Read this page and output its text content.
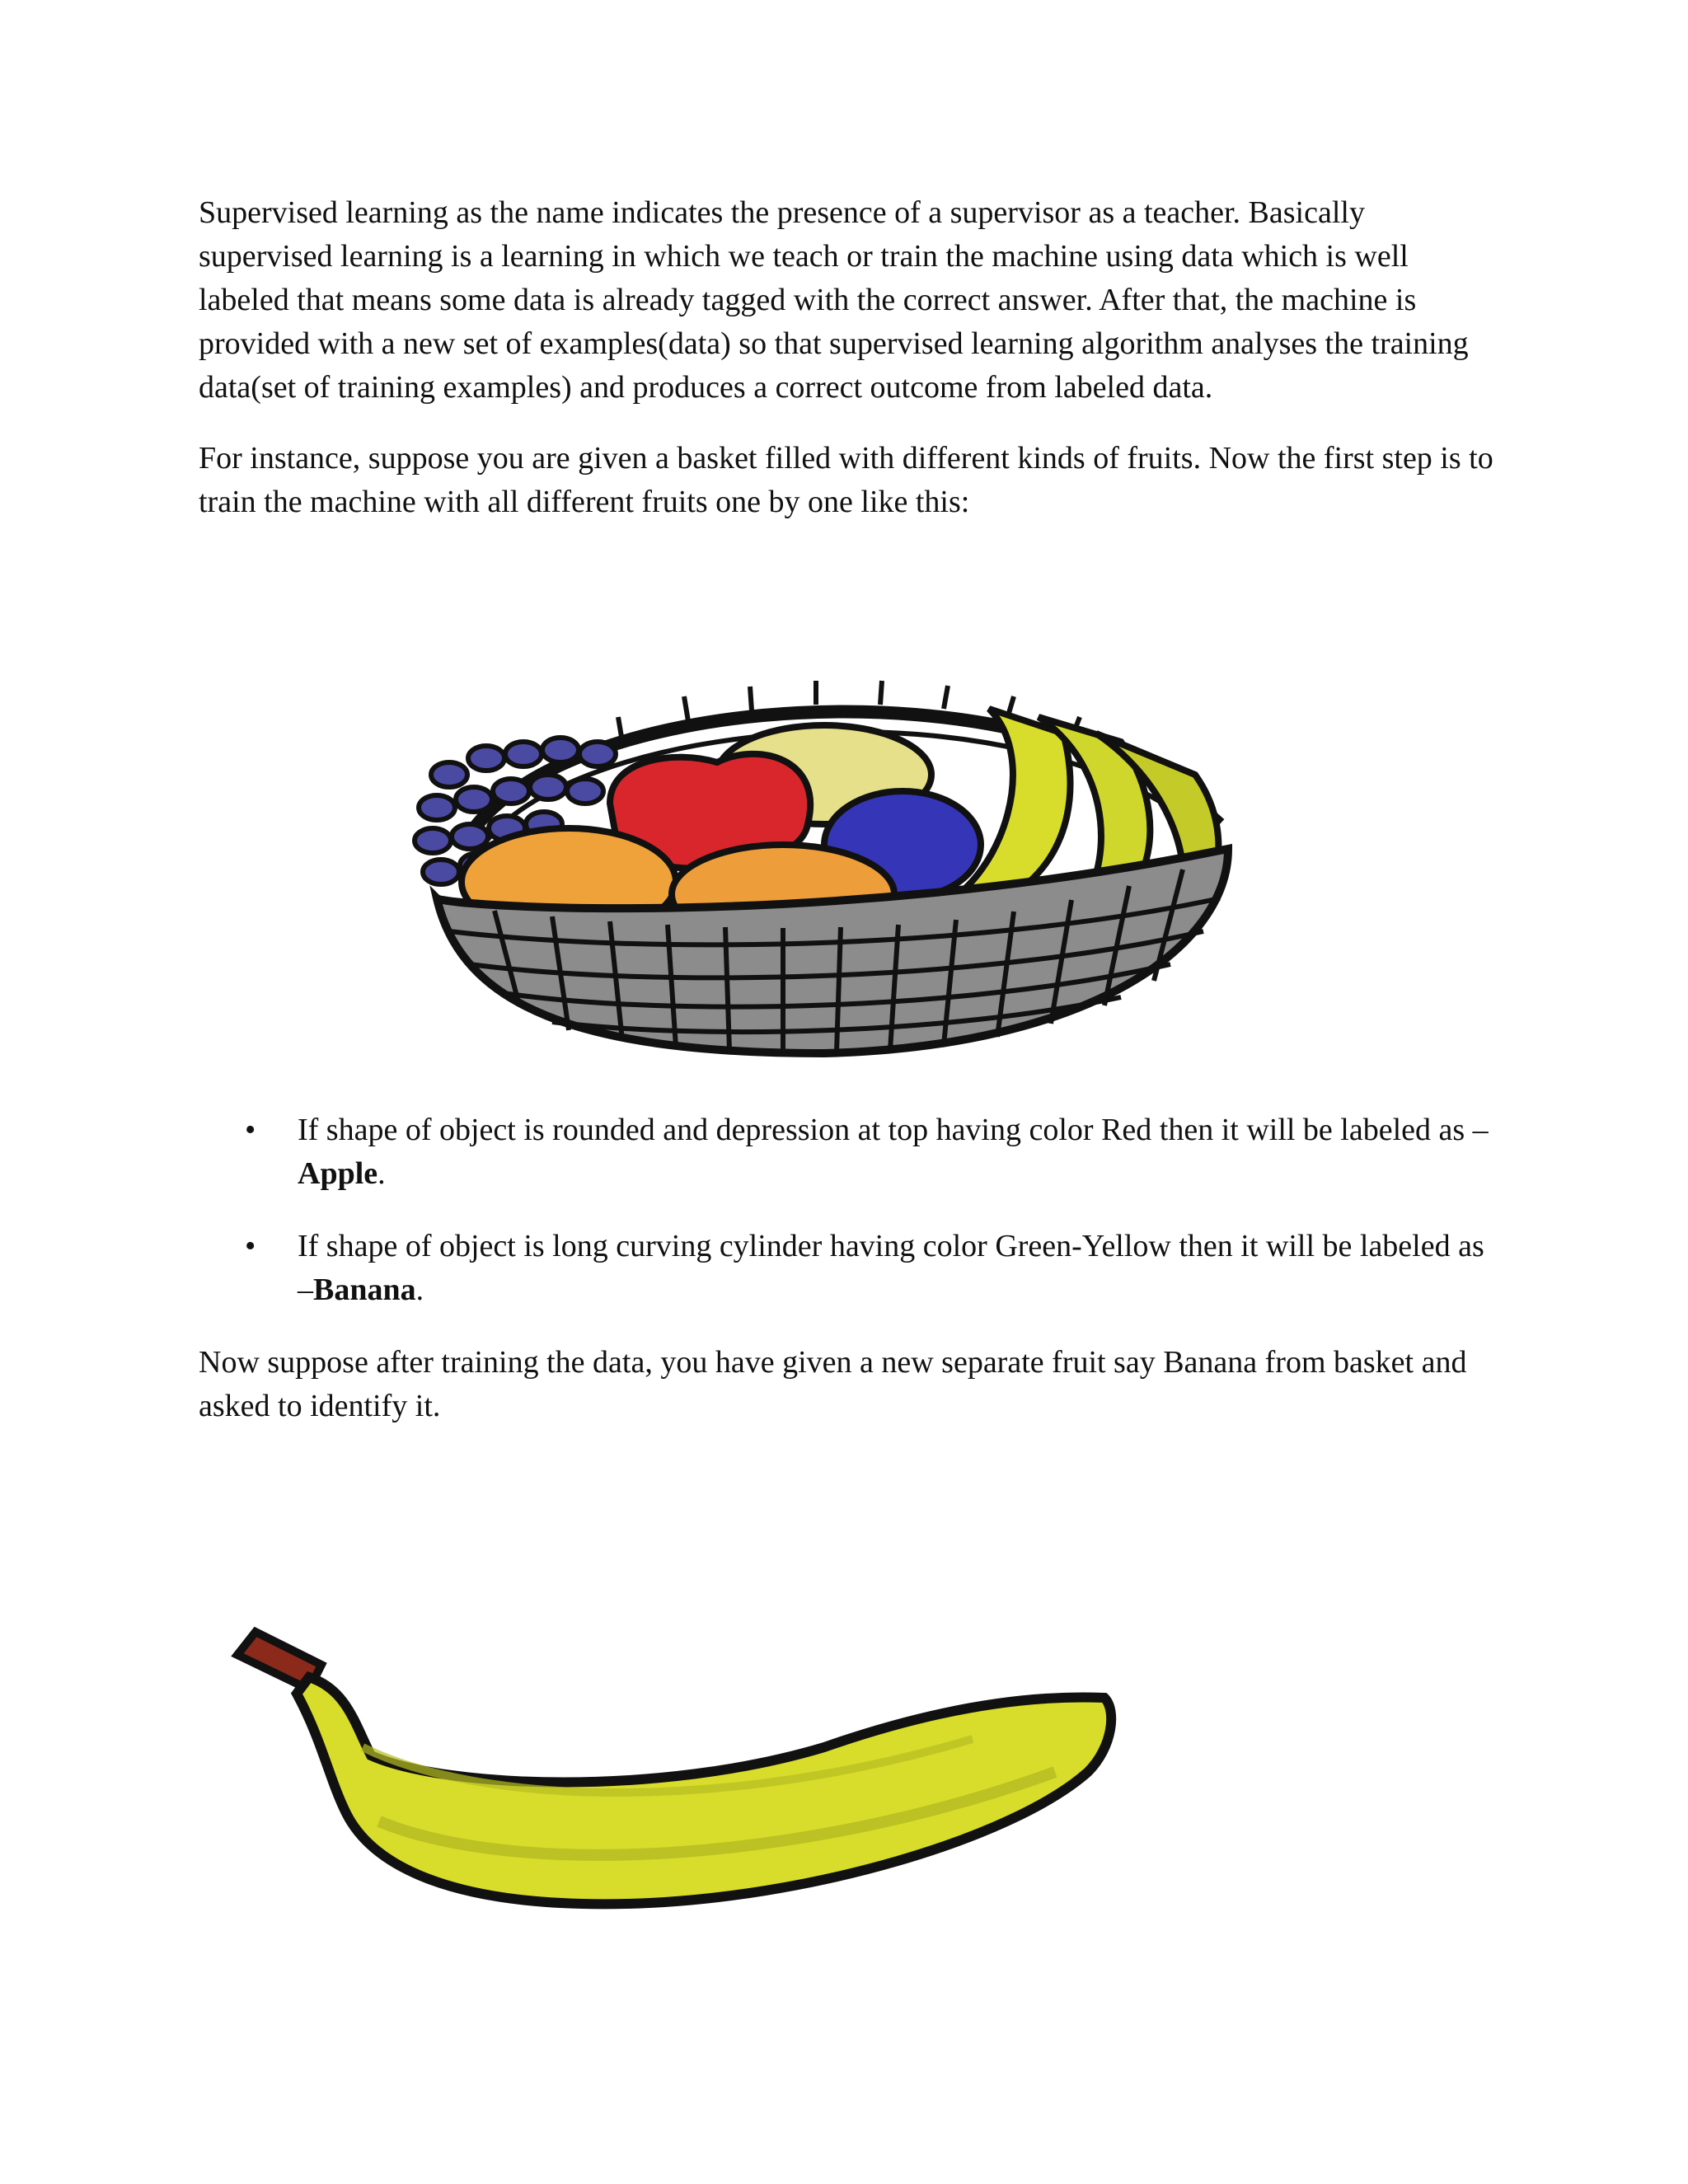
Supervised learning as the name indicates the presence of a supervisor as a teacher. Basically supervised learning is a learning in which we teach or train the machine using data which is well labeled that means some data is already tagged with the correct answer. After that, the machine is provided with a new set of examples(data) so that supervised learning algorithm analyses the training data(set of training examples) and produces a correct outcome from labeled data.

For instance, suppose you are given a basket filled with different kinds of fruits. Now the first step is to train the machine with all different fruits one by one like this:

• If shape of object is rounded and depression at top having color Red then it will be labeled as –Apple.
• If shape of object is long curving cylinder having color Green-Yellow then it will be labeled as –Banana.

Now suppose after training the data, you have given a new separate fruit say Banana from basket and asked to identify it.
